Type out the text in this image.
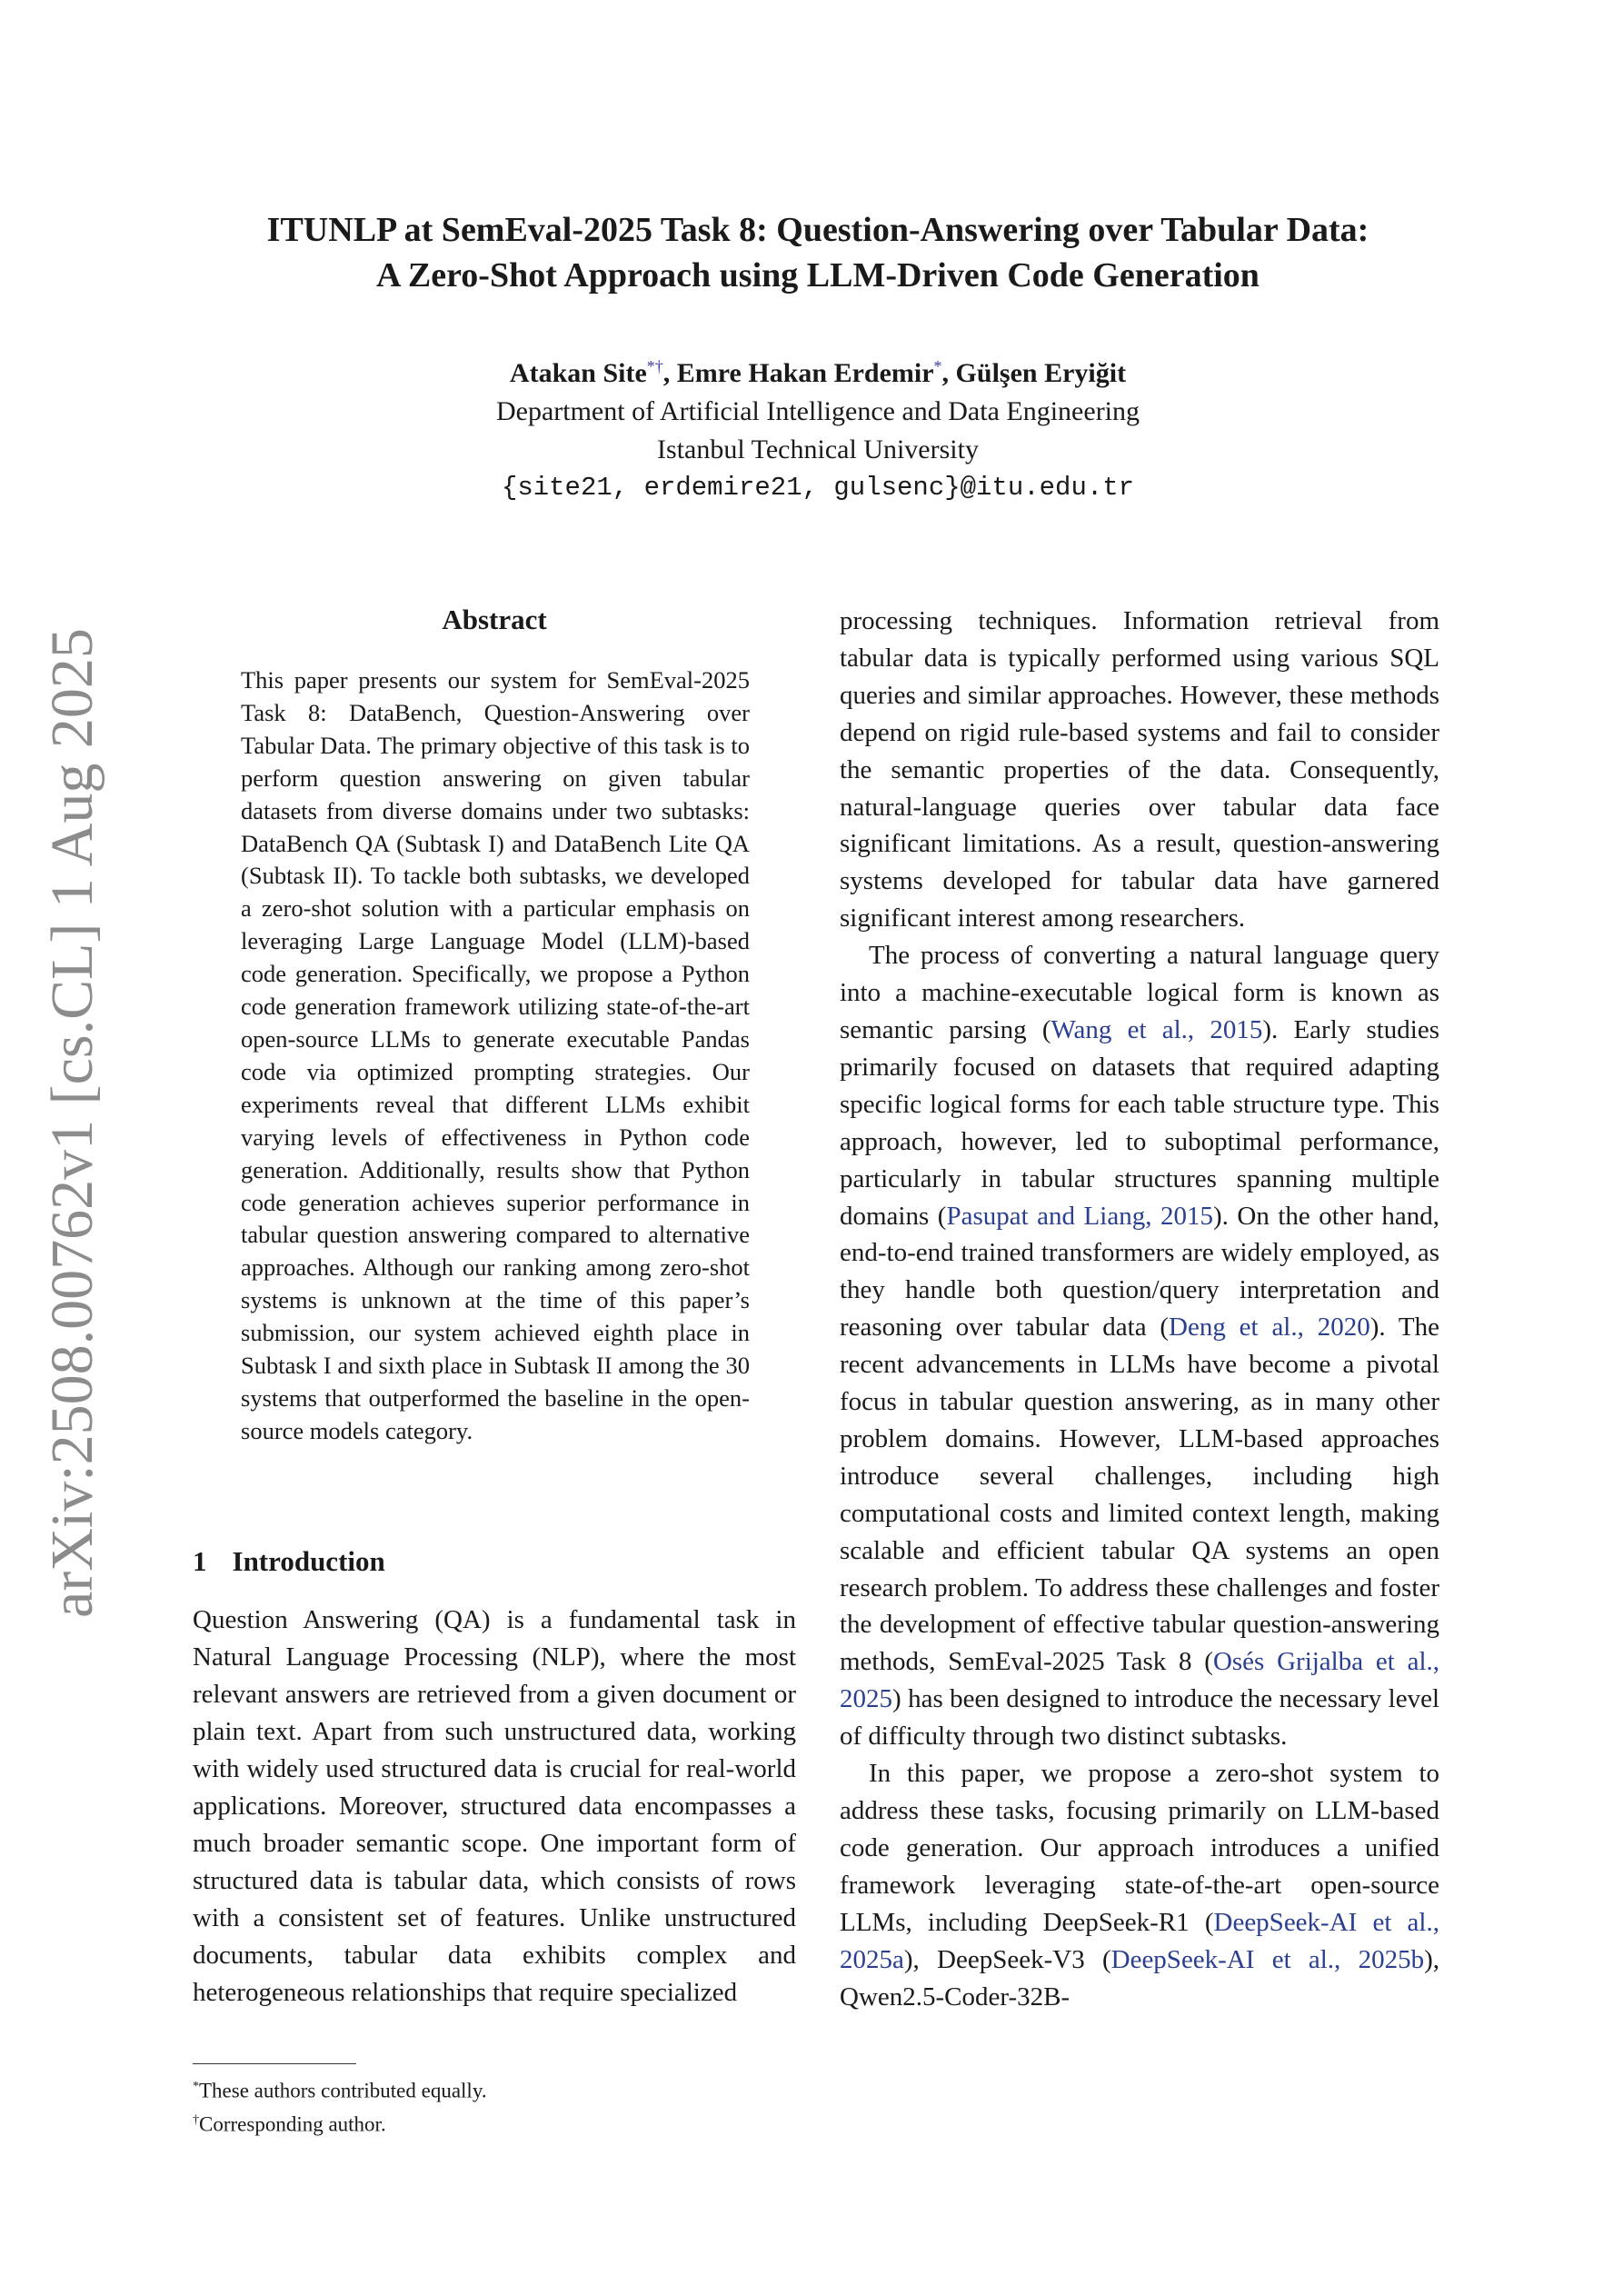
arXiv:2508.00762v1 [cs.CL] 1 Aug 2025
ITUNLP at SemEval-2025 Task 8: Question-Answering over Tabular Data:
A Zero-Shot Approach using LLM-Driven Code Generation
Atakan Site*†, Emre Hakan Erdemir*, Gülşen Eryiğit
Department of Artificial Intelligence and Data Engineering
Istanbul Technical University
{site21, erdemire21, gulsenc}@itu.edu.tr
Abstract
This paper presents our system for SemEval-2025 Task 8: DataBench, Question-Answering over Tabular Data. The primary objective of this task is to perform question answering on given tabular datasets from diverse domains under two subtasks: DataBench QA (Subtask I) and DataBench Lite QA (Subtask II). To tackle both subtasks, we developed a zero-shot solution with a particular emphasis on leveraging Large Language Model (LLM)-based code generation. Specifically, we propose a Python code generation framework utilizing state-of-the-art open-source LLMs to generate executable Pandas code via optimized prompting strategies. Our experiments reveal that different LLMs exhibit varying levels of effectiveness in Python code generation. Additionally, results show that Python code generation achieves superior performance in tabular question answering compared to alternative approaches. Although our ranking among zero-shot systems is unknown at the time of this paper’s submission, our system achieved eighth place in Subtask I and sixth place in Subtask II among the 30 systems that outperformed the baseline in the open-source models category.
1 Introduction
Question Answering (QA) is a fundamental task in Natural Language Processing (NLP), where the most relevant answers are retrieved from a given document or plain text. Apart from such unstructured data, working with widely used structured data is crucial for real-world applications. Moreover, structured data encompasses a much broader semantic scope. One important form of structured data is tabular data, which consists of rows with a consistent set of features. Unlike unstructured documents, tabular data exhibits complex and heterogeneous relationships that require specialized
*These authors contributed equally.
†Corresponding author.

processing techniques. Information retrieval from tabular data is typically performed using various SQL queries and similar approaches. However, these methods depend on rigid rule-based systems and fail to consider the semantic properties of the data. Consequently, natural-language queries over tabular data face significant limitations. As a result, question-answering systems developed for tabular data have garnered significant interest among researchers.

The process of converting a natural language query into a machine-executable logical form is known as semantic parsing (Wang et al., 2015). Early studies primarily focused on datasets that required adapting specific logical forms for each table structure type. This approach, however, led to suboptimal performance, particularly in tabular structures spanning multiple domains (Pasupat and Liang, 2015). On the other hand, end-to-end trained transformers are widely employed, as they handle both question/query interpretation and reasoning over tabular data (Deng et al., 2020). The recent advancements in LLMs have become a pivotal focus in tabular question answering, as in many other problem domains. However, LLM-based approaches introduce several challenges, including high computational costs and limited context length, making scalable and efficient tabular QA systems an open research problem. To address these challenges and foster the development of effective tabular question-answering methods, SemEval-2025 Task 8 (Osés Grijalba et al., 2025) has been designed to introduce the necessary level of difficulty through two distinct subtasks.

In this paper, we propose a zero-shot system to address these tasks, focusing primarily on LLM-based code generation. Our approach introduces a unified framework leveraging state-of-the-art open-source LLMs, including DeepSeek-R1 (DeepSeek-AI et al., 2025a), DeepSeek-V3 (DeepSeek-AI et al., 2025b), Qwen2.5-Coder-32B-
